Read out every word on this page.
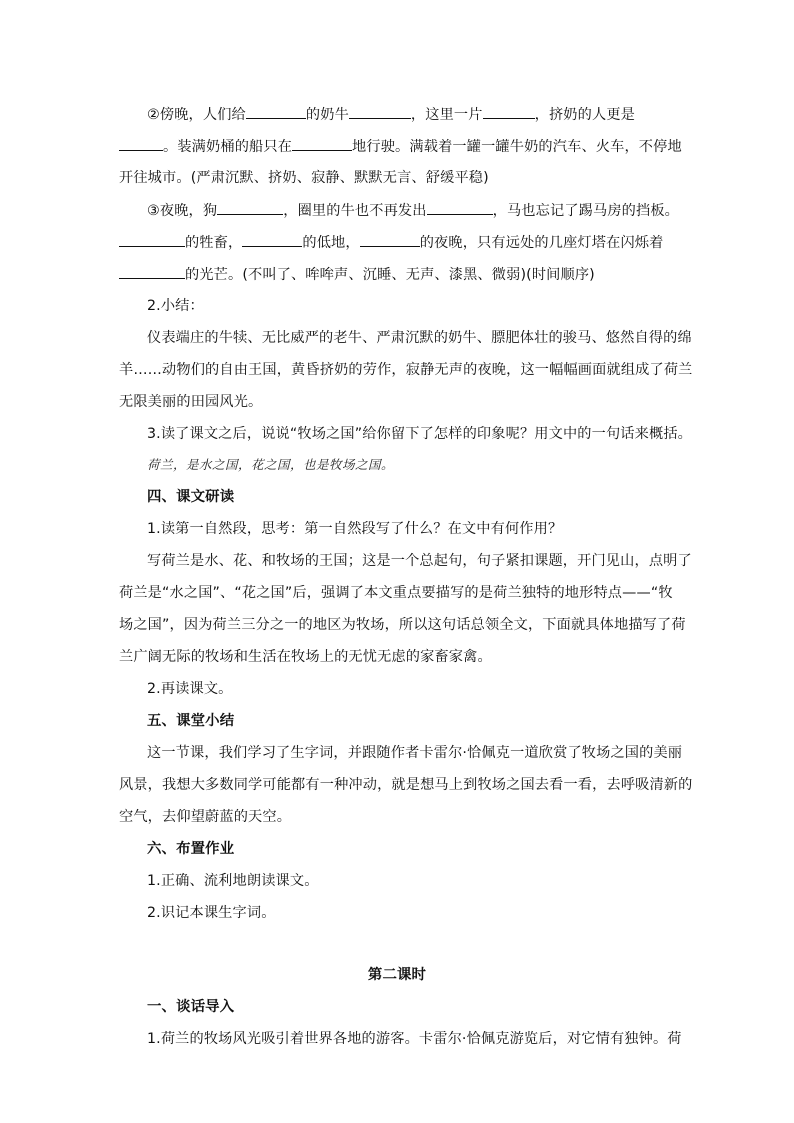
②傍晚，人们给	的奶牛	，这里一片	，挤奶的人更是
。装满奶桶的船只在	地行驶。满载着一罐一罐牛奶的汽车、火车，不停地
开往城市。(严肃沉默、挤奶、寂静、默默无言、舒缓平稳)
③夜晚，狗	，圈里的牛也不再发出	，马也忘记了踢马房的挡板。
的牲畜，	的低地，	的夜晚，只有远处的几座灯塔在闪烁着
的光芒。(不叫了、哞哞声、沉睡、无声、漆黑、微弱)(时间顺序)
2.小结：
仪表端庄的牛犊、无比威严的老牛、严肃沉默的奶牛、膘肥体壮的骏马、悠然自得的绵
羊……动物们的自由王国，黄昏挤奶的劳作，寂静无声的夜晚，这一幅幅画面就组成了荷兰
无限美丽的田园风光。
3.读了课文之后，说说“牧场之国”给你留下了怎样的印象呢？用文中的一句话来概括。
荷兰，是水之国，花之国，也是牧场之国。
四、课文研读
1.读第一自然段，思考：第一自然段写了什么？在文中有何作用？
写荷兰是水、花、和牧场的王国；这是一个总起句，句子紧扣课题，开门见山，点明了
荷兰是“水之国”、“花之国”后，强调了本文重点要描写的是荷兰独特的地形特点——“牧
场之国”，因为荷兰三分之一的地区为牧场，所以这句话总领全文，下面就具体地描写了荷
兰广阔无际的牧场和生活在牧场上的无忧无虑的家畜家禽。
2.再读课文。
五、课堂小结
这一节课，我们学习了生字词，并跟随作者卡雷尔·恰佩克一道欣赏了牧场之国的美丽
风景，我想大多数同学可能都有一种冲动，就是想马上到牧场之国去看一看，去呼吸清新的
空气，去仰望蔚蓝的天空。
六、布置作业
1.正确、流利地朗读课文。
2.识记本课生字词。
第二课时
一、谈话导入
1.荷兰的牧场风光吸引着世界各地的游客。卡雷尔·恰佩克游览后，对它情有独钟。荷
